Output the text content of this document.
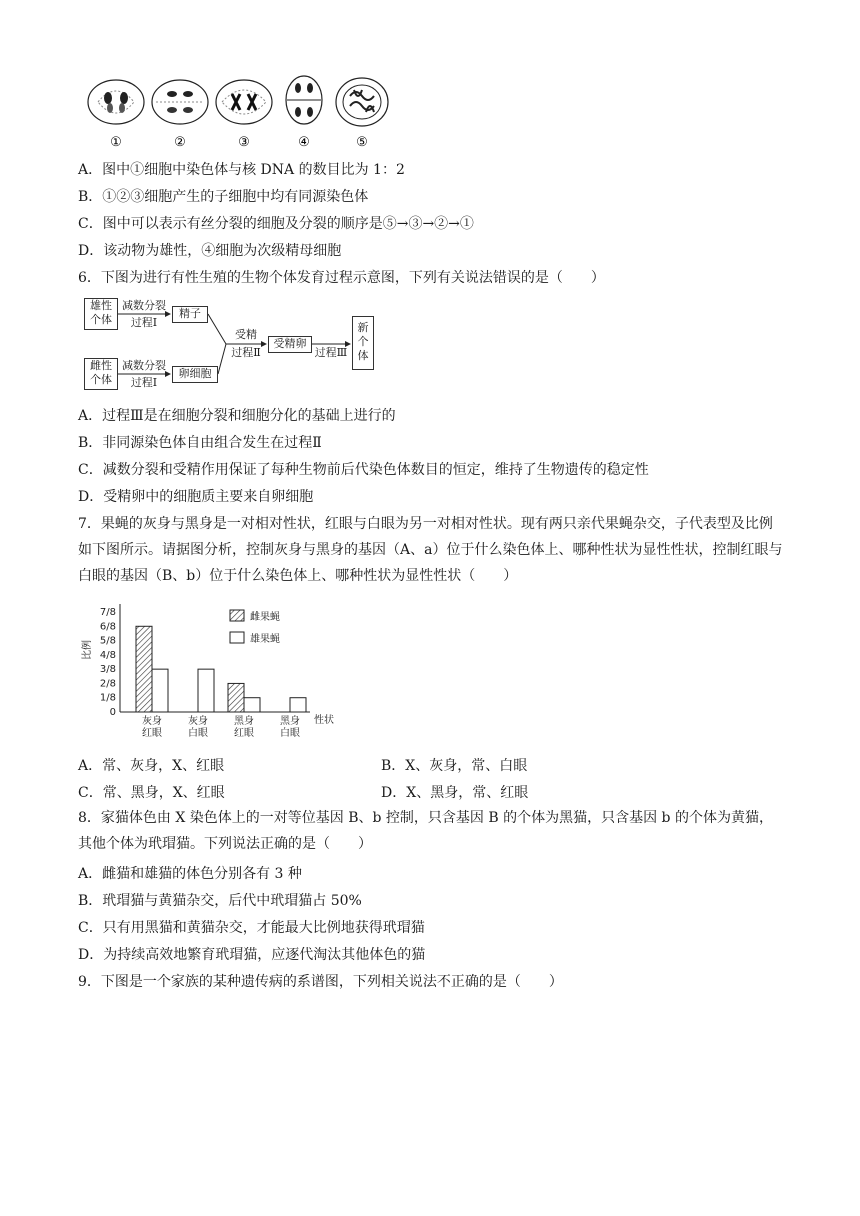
①	②	③	④	⑤
A．图中①细胞中染色体与核 DNA 的数目比为 1：2
B．①②③细胞产生的子细胞中均有同源染色体
C．图中可以表示有丝分裂的细胞及分裂的顺序是⑤→③→②→①
D．该动物为雄性，④细胞为次级精母细胞
6．下图为进行有性生殖的生物个体发育过程示意图，下列有关说法错误的是（　　）
雄性
个体
减数分裂
过程Ⅰ
精子
雌性
个体
减数分裂
过程Ⅰ
卵细胞
受精
过程Ⅱ
受精卵
过程Ⅲ
新
个
体
A．过程Ⅲ是在细胞分裂和细胞分化的基础上进行的
B．非同源染色体自由组合发生在过程Ⅱ
C．减数分裂和受精作用保证了每种生物前后代染色体数目的恒定，维持了生物遗传的稳定性
D．受精卵中的细胞质主要来自卵细胞
7．果蝇的灰身与黑身是一对相对性状，红眼与白眼为另一对相对性状。现有两只亲代果蝇杂交，子代表型及比例如下图所示。请据图分析，控制灰身与黑身的基因（A、a）位于什么染色体上、哪种性状为显性性状，控制红眼与白眼的基因（B、b）位于什么染色体上、哪种性状为显性性状（　　）
比例
性状
0
1/8
2/8
3/8
4/8
5/8
6/8
7/8
灰身
红眼
灰身
白眼
黑身
红眼
黑身
白眼
雌果蝇
雄果蝇
A．常、灰身，X、红眼	B．X、灰身，常、白眼
C．常、黑身，X、红眼	D．X、黑身，常、红眼
8．家猫体色由 X 染色体上的一对等位基因 B、b 控制，只含基因 B 的个体为黑猫，只含基因 b 的个体为黄猫，其他个体为玳瑁猫。下列说法正确的是（　　）
A．雌猫和雄猫的体色分别各有 3 种
B．玳瑁猫与黄猫杂交，后代中玳瑁猫占 50%
C．只有用黑猫和黄猫杂交，才能最大比例地获得玳瑁猫
D．为持续高效地繁育玳瑁猫，应逐代淘汰其他体色的猫
9．下图是一个家族的某种遗传病的系谱图，下列相关说法不正确的是（　　）
